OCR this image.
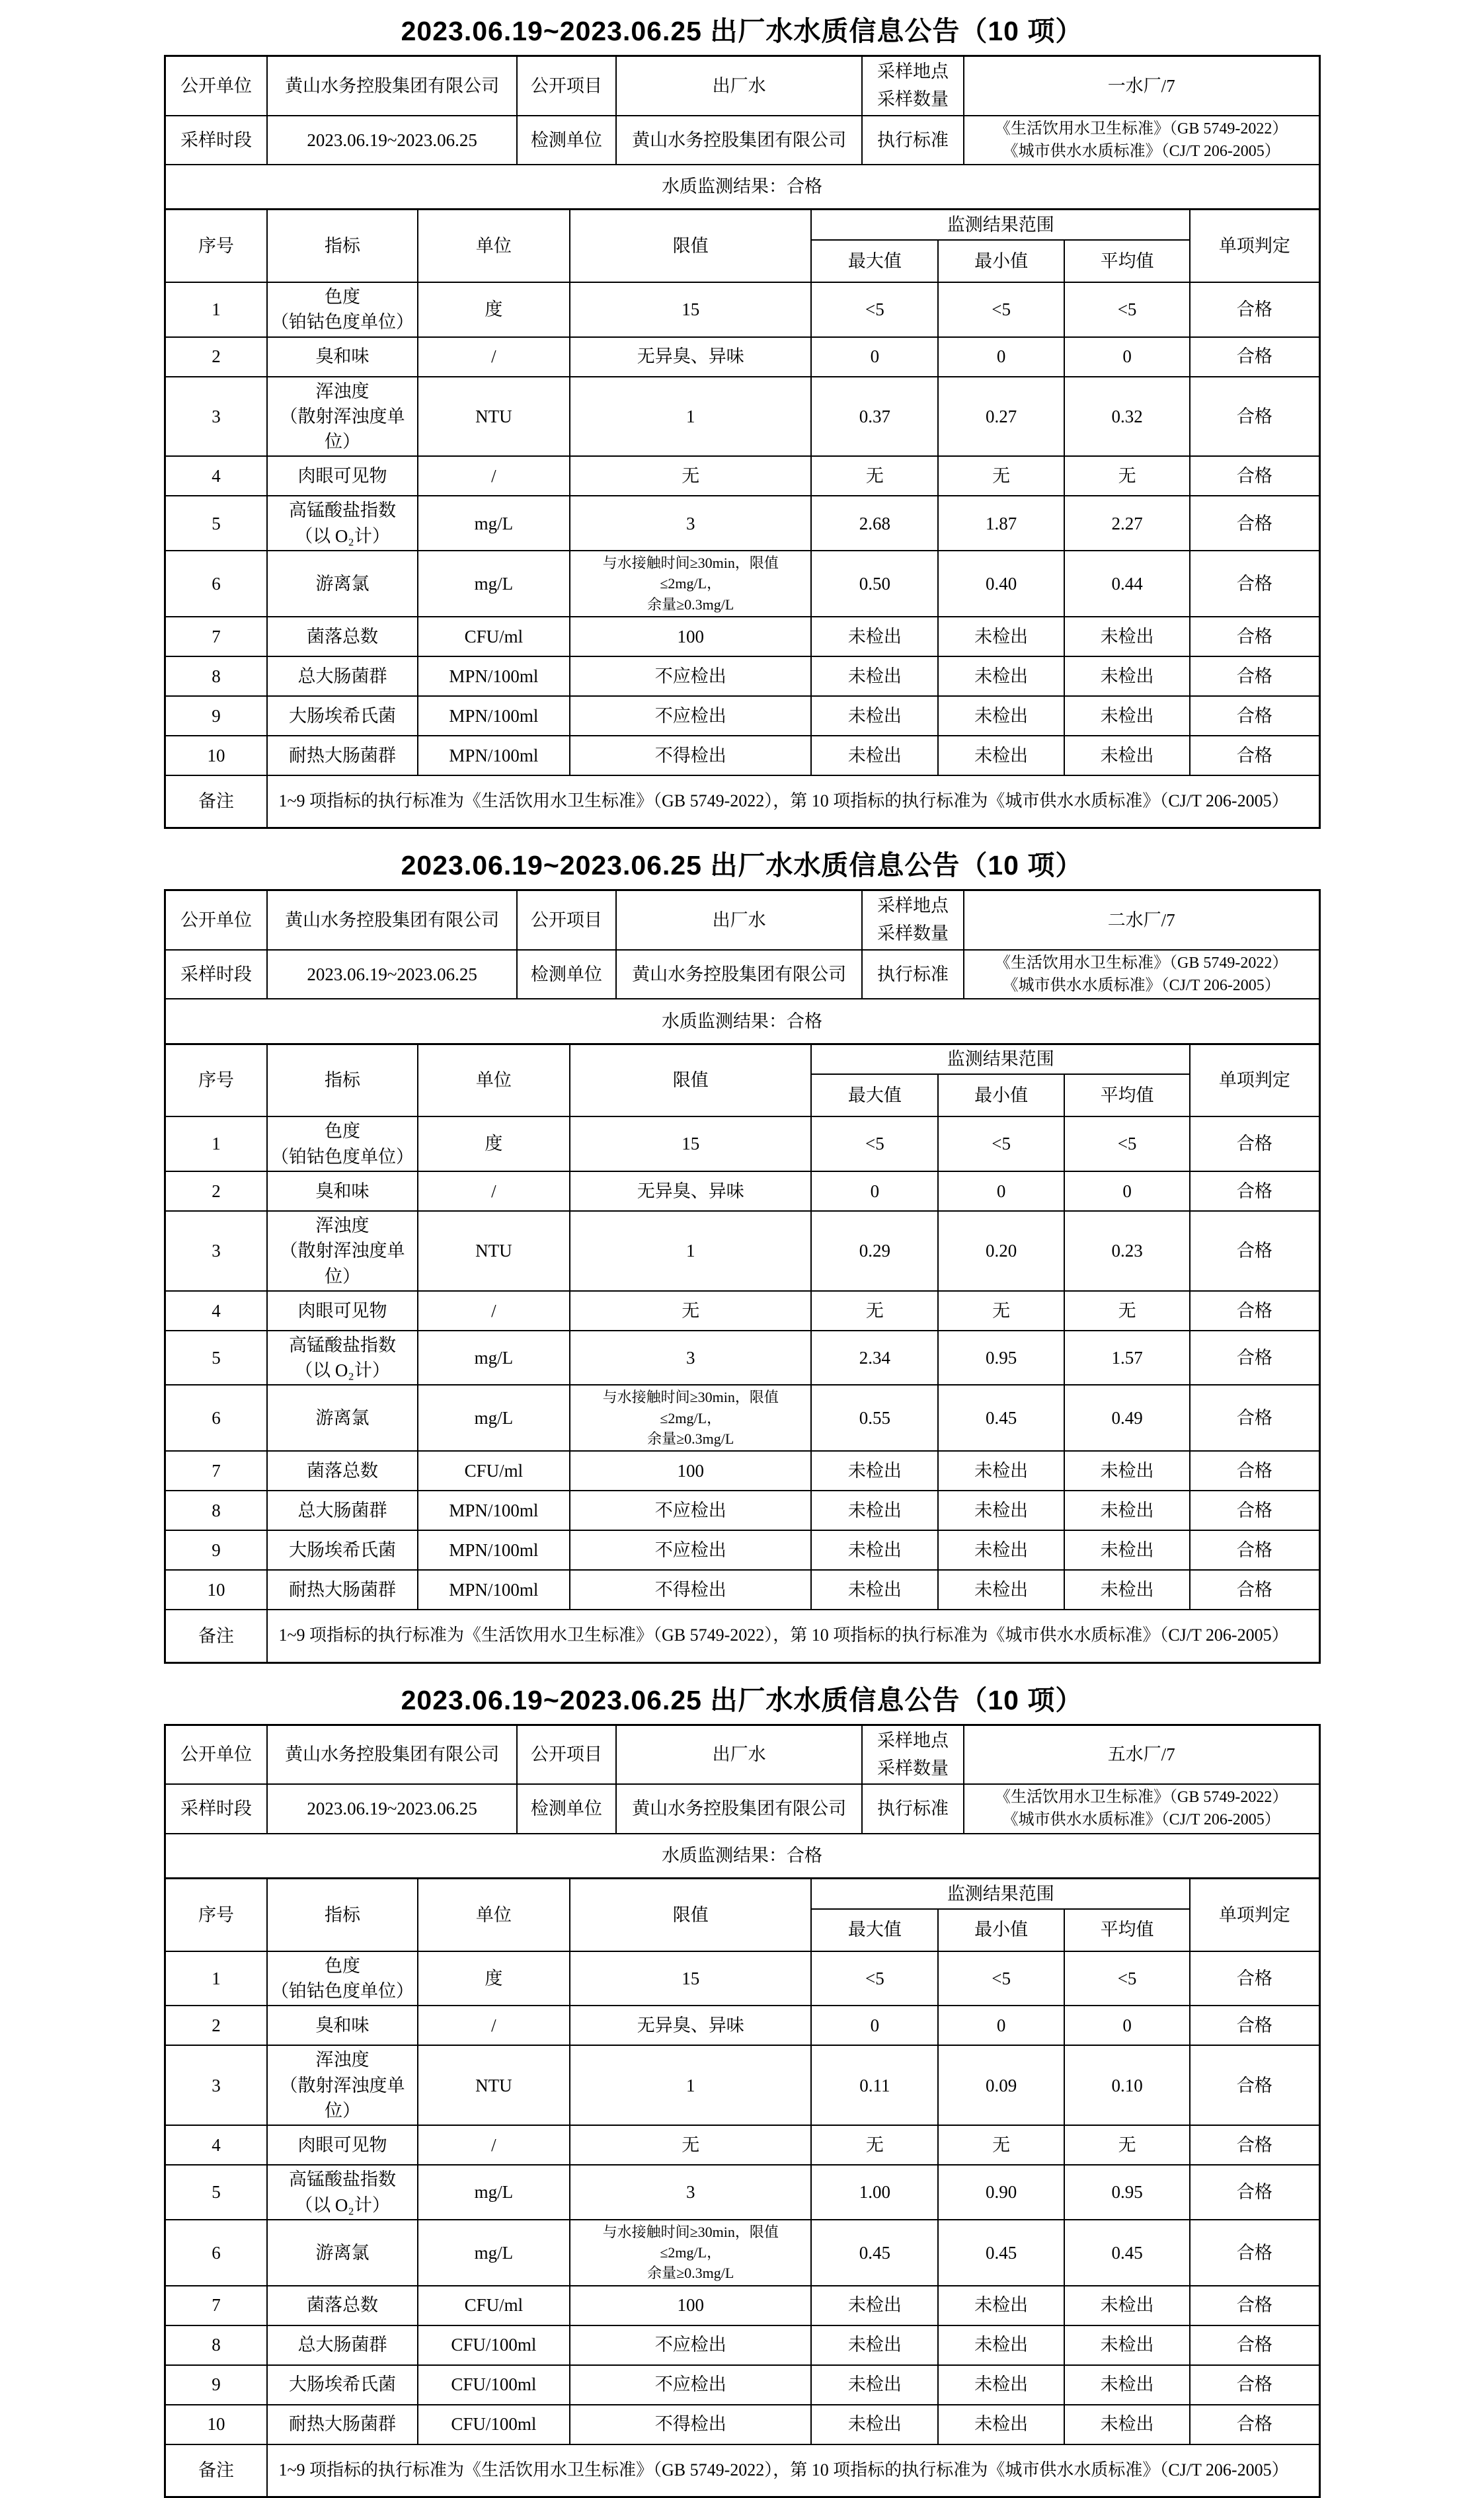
2023.06.19~2023.06.25 出厂水水质信息公告（10 项）
公开单位	黄山水务控股集团有限公司	公开项目	出厂水	采样地点
采样数量	一水厂/7
采样时段	2023.06.19~2023.06.25	检测单位	黄山水务控股集团有限公司	执行标准	《生活饮用水卫生标准》（GB 5749-2022）
《城市供水水质标准》（CJ/T 206-2005）

水质监测结果：合格					
序号	指标	单位	限值	监测结果范围			单项判定
				最大值	最小值	平均值	
1	色度
（铂钴色度单位）	度	15	<5	<5	<5	合格
2	臭和味	/	无异臭、异味	0	0	0	合格
3	浑浊度
（散射浑浊度单位）	NTU	1	0.37	0.27	0.32	合格
4	肉眼可见物	/	无	无	无	无	合格
5	高锰酸盐指数
（以 O₂计）	mg/L	3	2.68	1.87	2.27	合格
6	游离氯	mg/L	与水接触时间≥30min，限值≤2mg/L，
余量≥0.3mg/L	0.50	0.40	0.44	合格
7	菌落总数	CFU/ml	100	未检出	未检出	未检出	合格
8	总大肠菌群	MPN/100ml	不应检出	未检出	未检出	未检出	合格
9	大肠埃希氏菌	MPN/100ml	不应检出	未检出	未检出	未检出	合格
10	耐热大肠菌群	MPN/100ml	不得检出	未检出	未检出	未检出	合格
备注	1~9 项指标的执行标准为《生活饮用水卫生标准》（GB 5749-2022），第 10 项指标的执行标准为《城市供水水质标准》（CJ/T 206-2005）						
2023.06.19~2023.06.25 出厂水水质信息公告（10 项）
公开单位	黄山水务控股集团有限公司	公开项目	出厂水	采样地点
采样数量	二水厂/7
采样时段	2023.06.19~2023.06.25	检测单位	黄山水务控股集团有限公司	执行标准	《生活饮用水卫生标准》（GB 5749-2022）
《城市供水水质标准》（CJ/T 206-2005）

水质监测结果：合格					
序号	指标	单位	限值	监测结果范围			单项判定
				最大值	最小值	平均值	
1	色度
（铂钴色度单位）	度	15	<5	<5	<5	合格
2	臭和味	/	无异臭、异味	0	0	0	合格
3	浑浊度
（散射浑浊度单位）	NTU	1	0.29	0.20	0.23	合格
4	肉眼可见物	/	无	无	无	无	合格
5	高锰酸盐指数
（以 O₂计）	mg/L	3	2.34	0.95	1.57	合格
6	游离氯	mg/L	与水接触时间≥30min，限值≤2mg/L，
余量≥0.3mg/L	0.55	0.45	0.49	合格
7	菌落总数	CFU/ml	100	未检出	未检出	未检出	合格
8	总大肠菌群	MPN/100ml	不应检出	未检出	未检出	未检出	合格
9	大肠埃希氏菌	MPN/100ml	不应检出	未检出	未检出	未检出	合格
10	耐热大肠菌群	MPN/100ml	不得检出	未检出	未检出	未检出	合格
备注	1~9 项指标的执行标准为《生活饮用水卫生标准》（GB 5749-2022），第 10 项指标的执行标准为《城市供水水质标准》（CJ/T 206-2005）						
2023.06.19~2023.06.25 出厂水水质信息公告（10 项）
公开单位	黄山水务控股集团有限公司	公开项目	出厂水	采样地点
采样数量	五水厂/7
采样时段	2023.06.19~2023.06.25	检测单位	黄山水务控股集团有限公司	执行标准	《生活饮用水卫生标准》（GB 5749-2022）
《城市供水水质标准》（CJ/T 206-2005）

水质监测结果：合格					
序号	指标	单位	限值	监测结果范围			单项判定
				最大值	最小值	平均值	
1	色度
（铂钴色度单位）	度	15	<5	<5	<5	合格
2	臭和味	/	无异臭、异味	0	0	0	合格
3	浑浊度
（散射浑浊度单位）	NTU	1	0.11	0.09	0.10	合格
4	肉眼可见物	/	无	无	无	无	合格
5	高锰酸盐指数
（以 O₂计）	mg/L	3	1.00	0.90	0.95	合格
6	游离氯	mg/L	与水接触时间≥30min，限值≤2mg/L，
余量≥0.3mg/L	0.45	0.45	0.45	合格
7	菌落总数	CFU/ml	100	未检出	未检出	未检出	合格
8	总大肠菌群	CFU/100ml	不应检出	未检出	未检出	未检出	合格
9	大肠埃希氏菌	CFU/100ml	不应检出	未检出	未检出	未检出	合格
10	耐热大肠菌群	CFU/100ml	不得检出	未检出	未检出	未检出	合格
备注	1~9 项指标的执行标准为《生活饮用水卫生标准》（GB 5749-2022），第 10 项指标的执行标准为《城市供水水质标准》（CJ/T 206-2005）						
